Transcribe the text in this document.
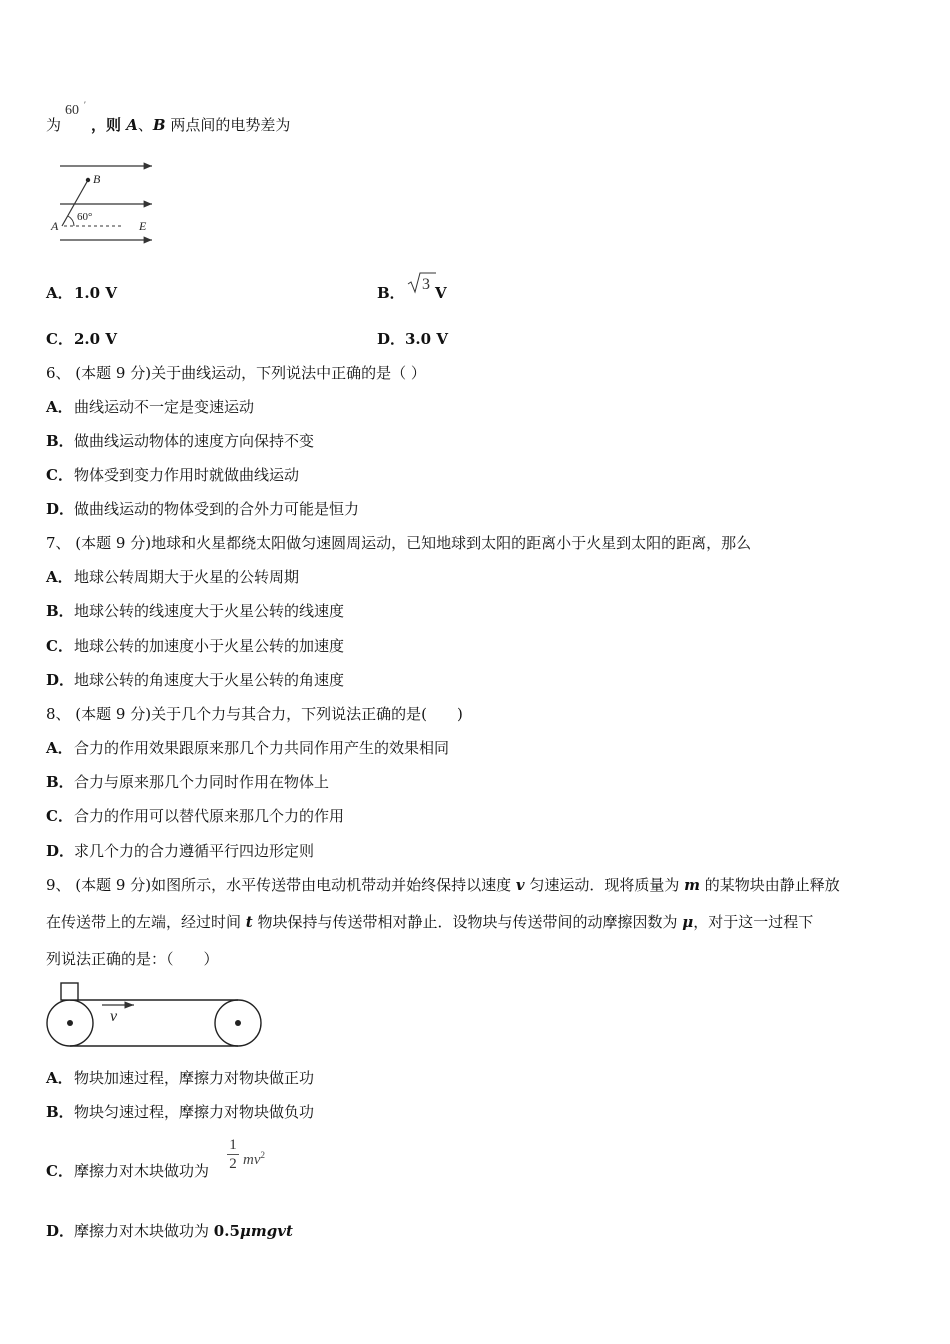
为 ，则 A、B 两点间的电势差为
60 ′
B
60°
A	E
A．1.0 V	B． 3 V
C．2.0 V	D．3.0 V
6、 (本题 9 分)关于曲线运动，下列说法中正确的是（ ）
A．曲线运动不一定是变速运动
B．做曲线运动物体的速度方向保持不变
C．物体受到变力作用时就做曲线运动
D．做曲线运动的物体受到的合外力可能是恒力
7、 (本题 9 分)地球和火星都绕太阳做匀速圆周运动，已知地球到太阳的距离小于火星到太阳的距离，那么
A．地球公转周期大于火星的公转周期
B．地球公转的线速度大于火星公转的线速度
C．地球公转的加速度小于火星公转的加速度
D．地球公转的角速度大于火星公转的角速度
8、 (本题 9 分)关于几个力与其合力，下列说法正确的是(　　)
A．合力的作用效果跟原来那几个力共同作用产生的效果相同
B．合力与原来那几个力同时作用在物体上
C．合力的作用可以替代原来那几个力的作用
D．求几个力的合力遵循平行四边形定则
9、 (本题 9 分)如图所示，水平传送带由电动机带动并始终保持以速度 v 匀速运动．现将质量为 m 的某物块由静止释放
在传送带上的左端，经过时间 t 物块保持与传送带相对静止．设物块与传送带间的动摩擦因数为 μ，对于这一过程下
列说法正确的是：（　　）
v
A．物块加速过程，摩擦力对物块做正功
B．物块匀速过程，摩擦力对物块做负功
C．摩擦力对木块做功为
1
2 $mv^2$
D．摩擦力对木块做功为 0.5μmgvt
